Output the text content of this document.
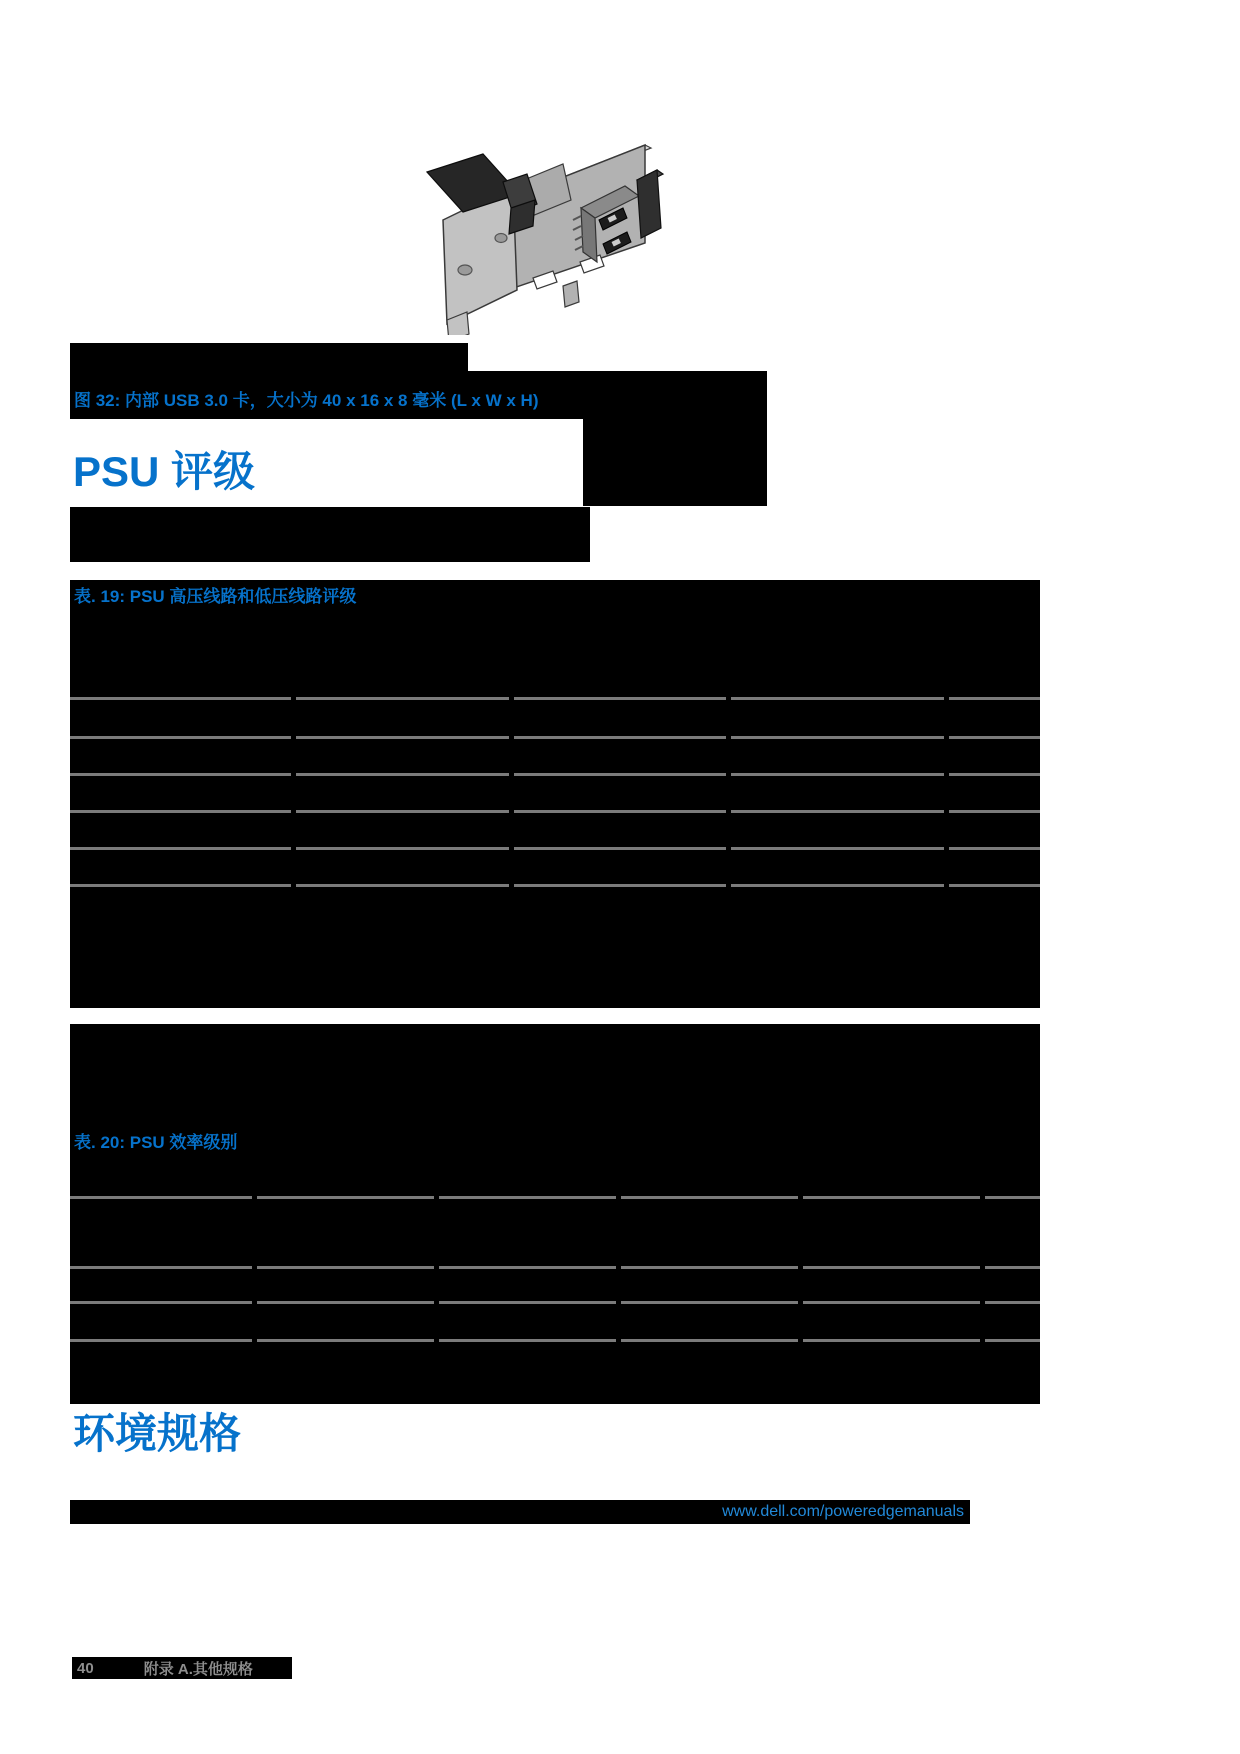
图 32: 内部 USB 3.0 卡，大小为 40 x 16 x 8 毫米 (L x W x H)
PSU 评级
表. 19: PSU 高压线路和低压线路评级
表. 20: PSU 效率级别
环境规格
www.dell.com/poweredgemanuals
40	附录 A.其他规格
